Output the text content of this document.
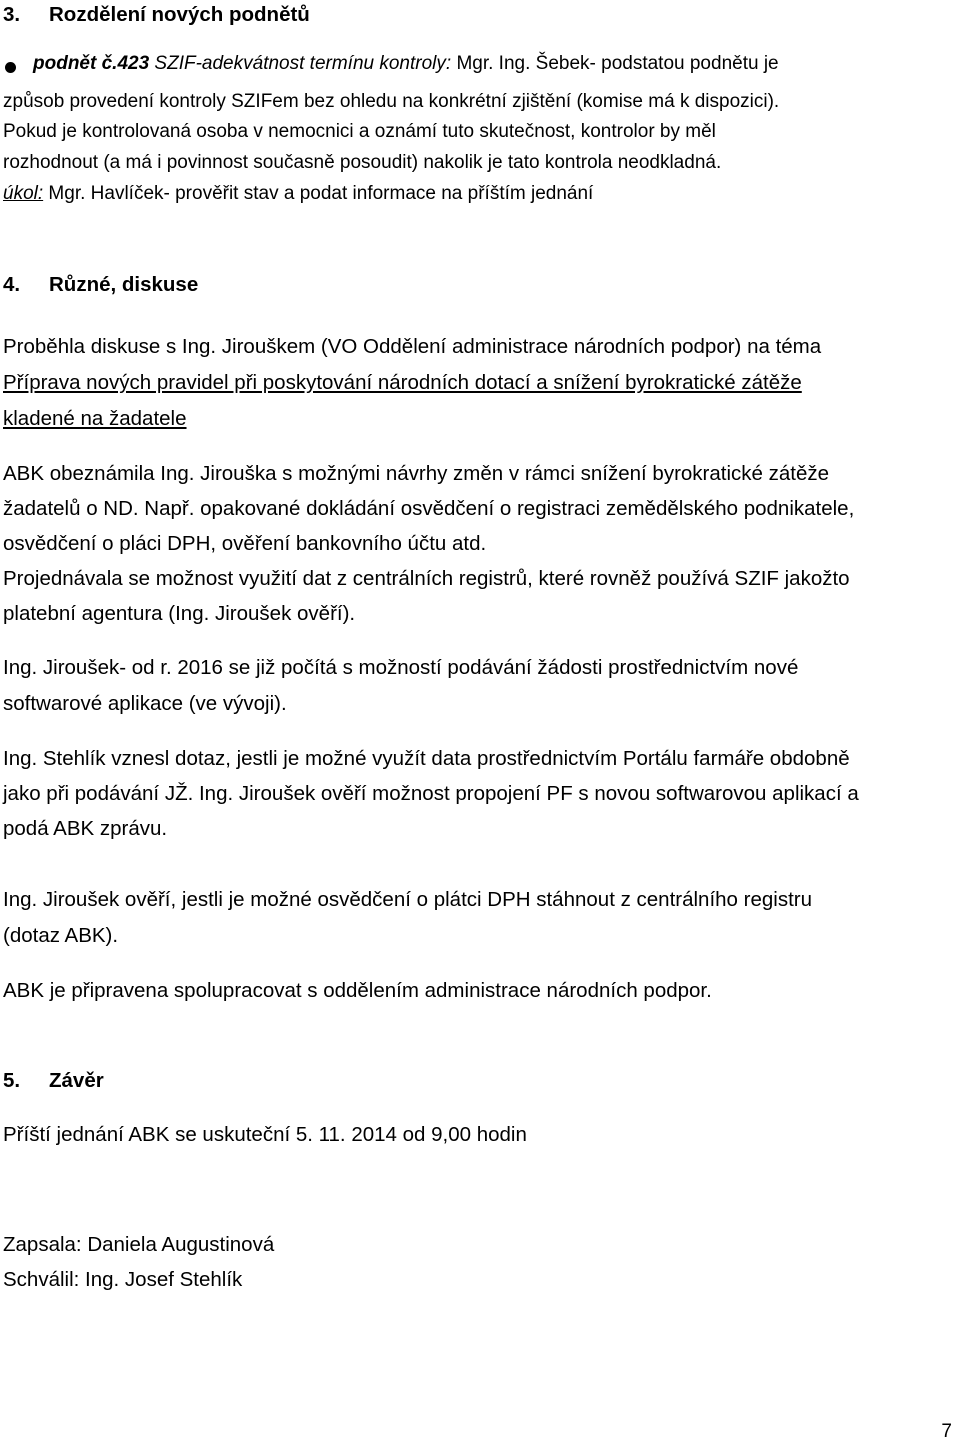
3. Rozdělení nových podnětů
podnět č.423 SZIF-adekvátnost termínu kontroly: Mgr. Ing. Šebek- podstatou podnětu je
způsob provedení kontroly SZIFem bez ohledu na konkrétní zjištění (komise má k dispozici).
Pokud je kontrolovaná osoba v nemocnici a oznámí tuto skutečnost, kontrolor by měl
rozhodnout (a má i povinnost současně posoudit) nakolik je tato kontrola neodkladná.
úkol: Mgr. Havlíček- prověřit stav a podat informace na příštím jednání
4. Různé, diskuse
Proběhla diskuse s Ing. Jirouškem (VO Oddělení administrace národních podpor) na téma
Příprava nových pravidel při poskytování národních dotací a snížení byrokratické zátěže
kladené na žadatele
ABK obeznámila Ing. Jirouška s možnými návrhy změn v rámci snížení byrokratické zátěže
žadatelů o ND. Např. opakované dokládání osvědčení o registraci zemědělského podnikatele,
osvědčení o pláci DPH, ověření bankovního účtu atd.
Projednávala se možnost využití dat z centrálních registrů, které rovněž používá SZIF jakožto
platební agentura (Ing. Jiroušek ověří).
Ing. Jiroušek- od r. 2016 se již počítá s možností podávání žádosti prostřednictvím nové
softwarové aplikace (ve vývoji).
Ing. Stehlík vznesl dotaz, jestli je možné využít data prostřednictvím Portálu farmáře obdobně
jako při podávání JŽ. Ing. Jiroušek ověří možnost propojení PF s novou softwarovou aplikací a
podá ABK zprávu.
Ing. Jiroušek ověří, jestli je možné osvědčení o plátci DPH stáhnout z centrálního registru
(dotaz ABK).
ABK je připravena spolupracovat s oddělením administrace národních podpor.
5. Závěr
Příští jednání ABK se uskuteční 5. 11. 2014 od 9,00 hodin
Zapsala: Daniela Augustinová
Schválil: Ing. Josef Stehlík
7
